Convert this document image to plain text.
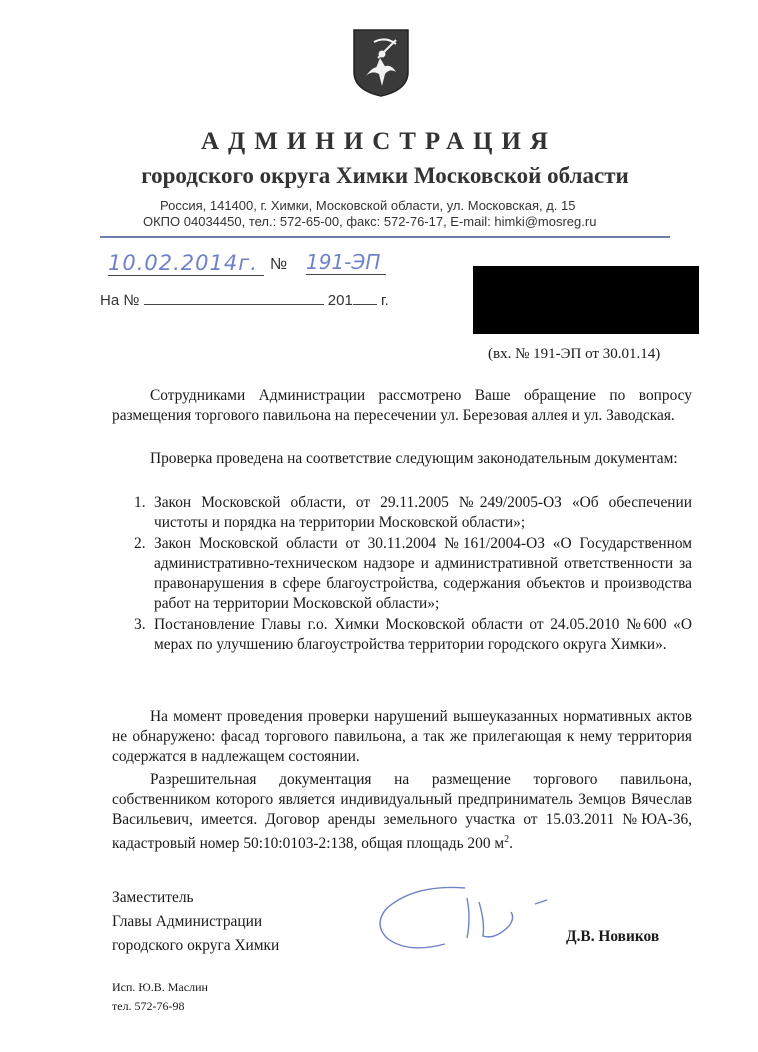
АДМИНИСТРАЦИЯ
городского округа Химки Московской области
Россия, 141400, г. Химки, Московской области, ул. Московская, д. 15
ОКПО 04034450, тел.: 572-65-00, факс: 572-76-17, E-mail: himki@mosreg.ru
10.02.2014г. № 191-ЭП
На №	201 г.
(вх. № 191-ЭП от 30.01.14)
Сотрудниками Администрации рассмотрено Ваше обращение по вопросу размещения торгового павильона на пересечении ул. Березовая аллея и ул. Заводская.
Проверка проведена на соответствие следующим законодательным документам:
1. Закон Московской области, от 29.11.2005 №249/2005-ОЗ «Об обеспечении чистоты и порядка на территории Московской области»;
2. Закон Московской области от 30.11.2004 №161/2004-ОЗ «О Государственном административно-техническом надзоре и административной ответственности за правонарушения в сфере благоустройства, содержания объектов и производства работ на территории Московской области»;
3. Постановление Главы г.о. Химки Московской области от 24.05.2010 №600 «О мерах по улучшению благоустройства территории городского округа Химки».
На момент проведения проверки нарушений вышеуказанных нормативных актов не обнаружено: фасад торгового павильона, а так же прилегающая к нему территория содержатся в надлежащем состоянии.
Разрешительная документация на размещение торгового павильона, собственником которого является индивидуальный предприниматель Земцов Вячеслав Васильевич, имеется. Договор аренды земельного участка от 15.03.2011 №ЮА-36, кадастровый номер 50:10:0103-2:138, общая площадь 200 $м^2$.
Заместитель
Главы Администрации
городского округа Химки
Д.В. Новиков
Исп. Ю.В. Маслин
тел. 572-76-98
